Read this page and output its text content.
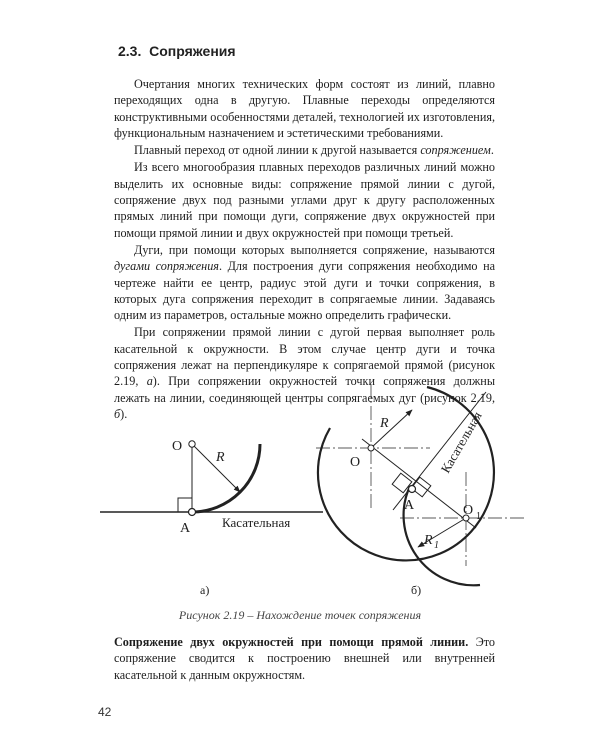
2.3. Сопряжения

Очертания многих технических форм состоят из линий, плавно переходящих одна в другую. Плавные переходы определяются конструктивными особенностями деталей, технологией их изготовления, функциональным назначением и эстетическими требованиями.

Плавный переход от одной линии к другой называется сопряжением.

Из всего многообразия плавных переходов различных линий можно выделить их основные виды: сопряжение прямой линии с дугой, сопряжение двух под разными углами друг к другу расположенных прямых линий при помощи дуги, сопряжение двух окружностей при помощи прямой линии и двух окружностей при помощи третьей.

Дуги, при помощи которых выполняется сопряжение, называются дугами сопряжения. Для построения дуги сопряжения необходимо на чертеже найти ее центр, радиус этой дуги и точки сопряжения, в которых дуга сопряжения переходит в сопрягаемые линии. Задаваясь одним из параметров, остальные можно определить графически.

При сопряжении прямой линии с дугой первая выполняет роль касательной к окружности. В этом случае центр дуги и точка сопряжения лежат на перпендикуляре к сопрягаемой прямой (рисунок 2.19, а). При сопряжении окружностей точки сопряжения должны лежать на линии, соединяющей центры сопрягаемых дуг (рисунок 2.19, б).

O
R
A Касательная
а)
O
O 1
R
R 1
A
Касательная
б)
Рисунок 2.19 – Нахождение точек сопряжения

Сопряжение двух окружностей при помощи прямой линии. Это сопряжение сводится к построению внешней или внутренней касательной к данным окружностям.

42
